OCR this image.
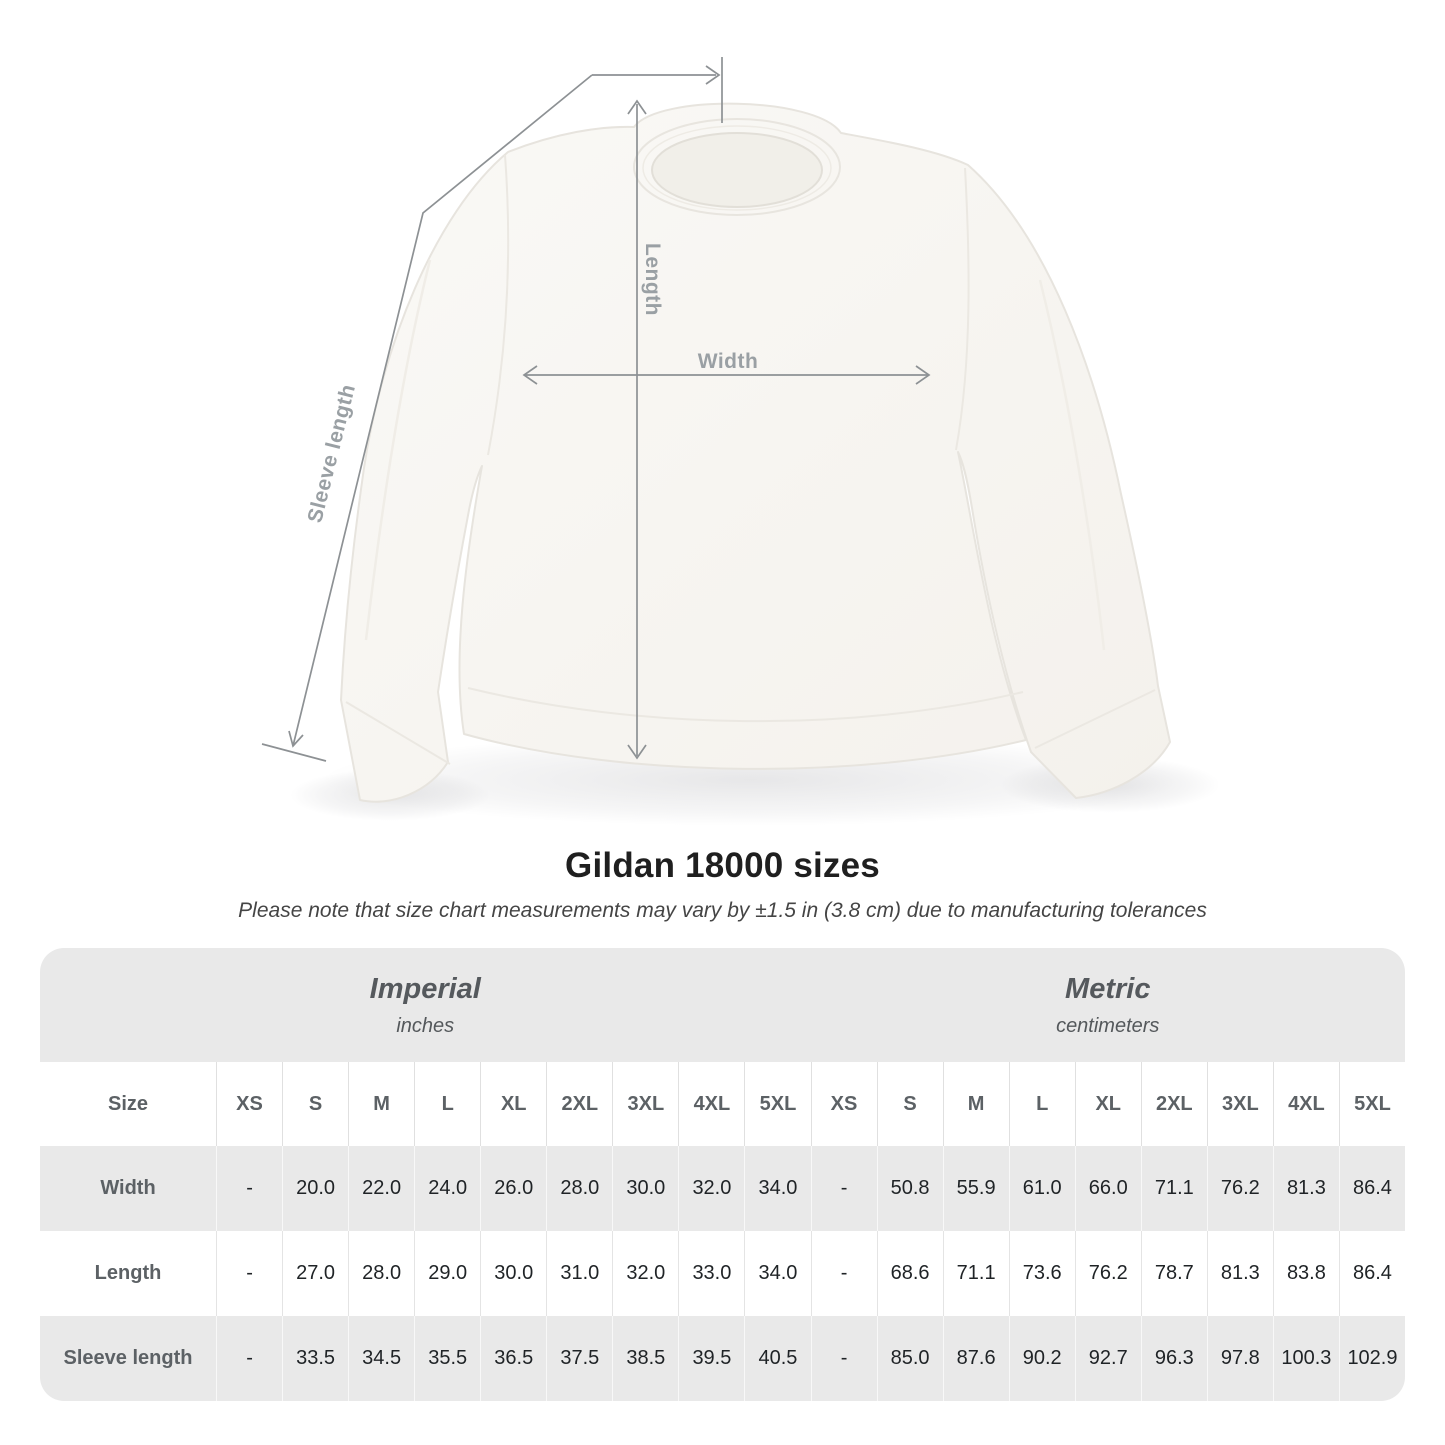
Length
Width
Sleeve length
Gildan 18000 sizes

Please note that size chart measurements may vary by ±1.5 in (3.8 cm) due to manufacturing tolerances

Imperial
inches
Metric
centimeters
Size	XS	S	M	L	XL	2XL	3XL	4XL	5XL	XS	S	M	L	XL	2XL	3XL	4XL	5XL
Width	-	20.0	22.0	24.0	26.0	28.0	30.0	32.0	34.0	-	50.8	55.9	61.0	66.0	71.1	76.2	81.3	86.4
Length	-	27.0	28.0	29.0	30.0	31.0	32.0	33.0	34.0	-	68.6	71.1	73.6	76.2	78.7	81.3	83.8	86.4
Sleeve length	-	33.5	34.5	35.5	36.5	37.5	38.5	39.5	40.5	-	85.0	87.6	90.2	92.7	96.3	97.8	100.3 102.9
